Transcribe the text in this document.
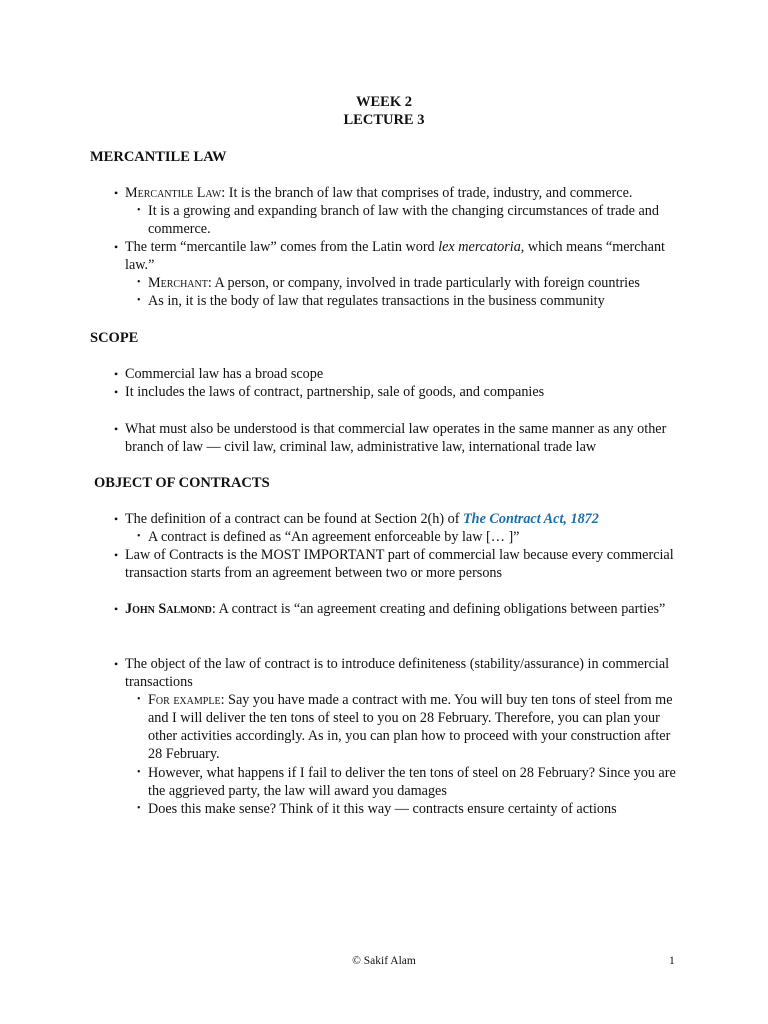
WEEK 2
LECTURE 3
MERCANTILE LAW
• Mercantile Law: It is the branch of law that comprises of trade, industry, and commerce.
• It is a growing and expanding branch of law with the changing circumstances of trade and commerce.
• The term “mercantile law” comes from the Latin word lex mercatoria, which means “merchant law.”
• Merchant: A person, or company, involved in trade particularly with foreign countries
• As in, it is the body of law that regulates transactions in the business community
SCOPE
• Commercial law has a broad scope
• It includes the laws of contract, partnership, sale of goods, and companies
• What must also be understood is that commercial law operates in the same manner as any other branch of law — civil law, criminal law, administrative law, international trade law
OBJECT OF CONTRACTS
• The definition of a contract can be found at Section 2(h) of The Contract Act, 1872
• A contract is defined as “An agreement enforceable by law [… ]”
• Law of Contracts is the MOST IMPORTANT part of commercial law because every commercial transaction starts from an agreement between two or more persons
• John Salmond: A contract is “an agreement creating and defining obligations between parties”
• The object of the law of contract is to introduce definiteness (stability/assurance) in commercial transactions
• For example: Say you have made a contract with me. You will buy ten tons of steel from me and I will deliver the ten tons of steel to you on 28 February. Therefore, you can plan your other activities accordingly. As in, you can plan how to proceed with your construction after 28 February.
• However, what happens if I fail to deliver the ten tons of steel on 28 February? Since you are the aggrieved party, the law will award you damages
• Does this make sense? Think of it this way — contracts ensure certainty of actions
© Sakif Alam	1
